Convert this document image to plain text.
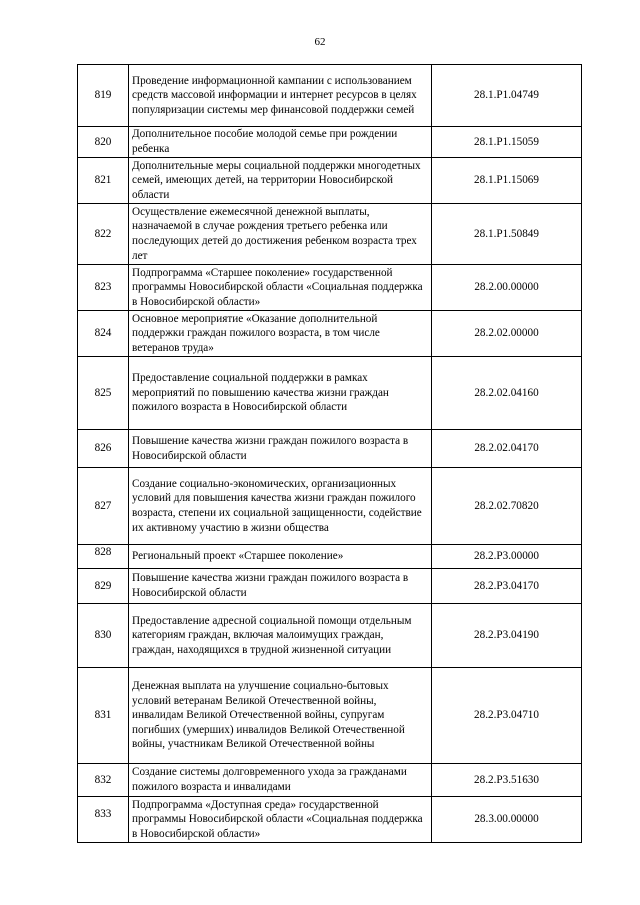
62
819	Проведение информационной кампании с использованием средств массовой информации и интернет ресурсов в целях популяризации системы мер финансовой поддержки семей	28.1.P1.04749
820	Дополнительное пособие молодой семье при рождении ребенка	28.1.P1.15059
821	Дополнительные меры социальной поддержки многодетных семей, имеющих детей, на территории Новосибирской области	28.1.P1.15069
822	Осуществление ежемесячной денежной выплаты, назначаемой в случае рождения третьего ребенка или последующих детей до достижения ребенком возраста трех лет	28.1.P1.50849
823	Подпрограмма «Старшее поколение» государственной программы Новосибирской области «Социальная поддержка в Новосибирской области»	28.2.00.00000
824	Основное мероприятие «Оказание дополнительной поддержки граждан пожилого возраста, в том числе ветеранов труда»	28.2.02.00000
825	Предоставление социальной поддержки в рамках мероприятий по повышению качества жизни граждан пожилого возраста в Новосибирской области	28.2.02.04160
826	Повышение качества жизни граждан пожилого возраста в Новосибирской области	28.2.02.04170
827	Создание социально-экономических, организационных условий для повышения качества жизни граждан пожилого возраста, степени их социальной защищенности, содействие их активному участию в жизни общества	28.2.02.70820
828	Региональный проект «Старшее поколение»	28.2.P3.00000
829	Повышение качества жизни граждан пожилого возраста в Новосибирской области	28.2.P3.04170
830	Предоставление адресной социальной помощи отдельным категориям граждан, включая малоимущих граждан, граждан, находящихся в трудной жизненной ситуации	28.2.P3.04190
831	Денежная выплата на улучшение социально-бытовых условий ветеранам Великой Отечественной войны, инвалидам Великой Отечественной войны, супругам погибших (умерших) инвалидов Великой Отечественной войны, участникам Великой Отечественной войны	28.2.P3.04710
832	Создание системы долговременного ухода за гражданами пожилого возраста и инвалидами	28.2.P3.51630
833	Подпрограмма «Доступная среда» государственной программы Новосибирской области «Социальная поддержка в Новосибирской области»	28.3.00.00000
